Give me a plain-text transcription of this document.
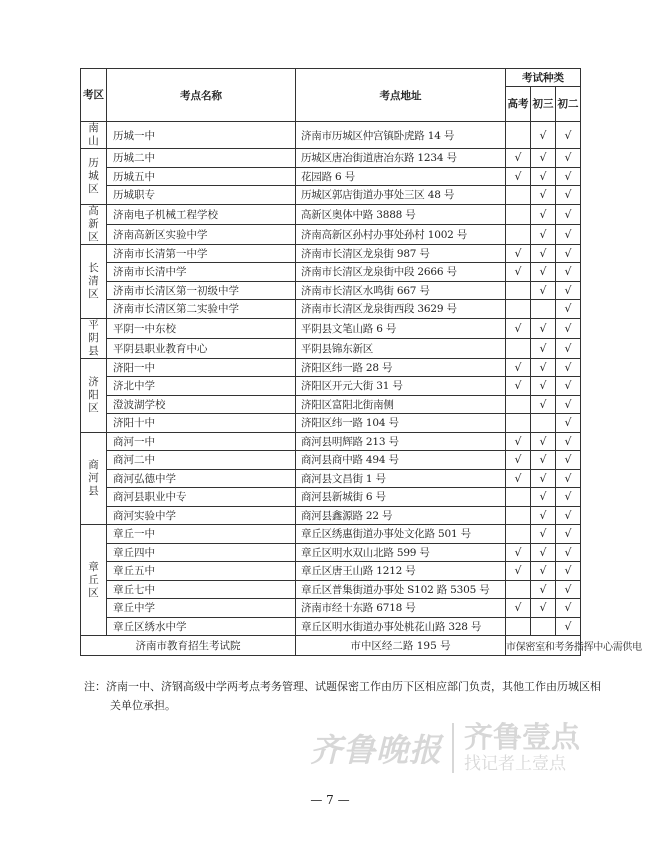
考区	考点名称	考点地址	考试种类		
			高考	初三	初二
南山	历城一中	济南市历城区仲宫镇卧虎路 14 号		√	√
历城区	历城二中	历城区唐冶街道唐冶东路 1234 号	√	√	√
	历城五中	花园路 6 号	√	√	√
	历城职专	历城区郭店街道办事处三区 48 号		√	√
高新区	济南电子机械工程学校	高新区奥体中路 3888 号		√	√
	济南高新区实验中学	济南高新区孙村办事处孙村 1002 号		√	√
长清区	济南市长清第一中学	济南市长清区龙泉街 987 号	√	√	√
	济南市长清中学	济南市长清区龙泉街中段 2666 号	√	√	√
	济南市长清区第一初级中学	济南市长清区水鸣街 667 号		√	√
	济南市长清区第二实验中学	济南市长清区龙泉街西段 3629 号			√
平阴县	平阴一中东校	平阴县文笔山路 6 号	√	√	√
	平阴县职业教育中心	平阴县锦东新区		√	√
济阳区	济阳一中	济阳区纬一路 28 号	√	√	√
	济北中学	济阳区开元大街 31 号	√	√	√
	澄波湖学校	济阳区富阳北街南侧		√	√
	济阳十中	济阳区纬一路 104 号			√
商河县	商河一中	商河县明辉路 213 号	√	√	√
	商河二中	商河县商中路 494 号	√	√	√
	商河弘德中学	商河县文昌街 1 号	√	√	√
	商河县职业中专	商河县新城街 6 号		√	√
	商河实验中学	商河县鑫源路 22 号		√	√
章丘区	章丘一中	章丘区绣惠街道办事处文化路 501 号		√	√
	章丘四中	章丘区明水双山北路 599 号	√	√	√
	章丘五中	章丘区唐王山路 1212 号	√	√	√
	章丘七中	章丘区普集街道办事处 S102 路 5305 号		√	√
	章丘中学	济南市经十东路 6718 号	√	√	√
	章丘区绣水中学	章丘区明水街道办事处桃花山路 328 号			√
济南市教育招生考试院		市中区经二路 195 号	市保密室和考务指挥中心需供电		
注：济南一中、济钢高级中学两考点考务管理、试题保密工作由历下区相应部门负责，其他工作由历城区相关单位承担。
齐鲁晚报 齐鲁壹点
找记者上壹点
— 7 —
